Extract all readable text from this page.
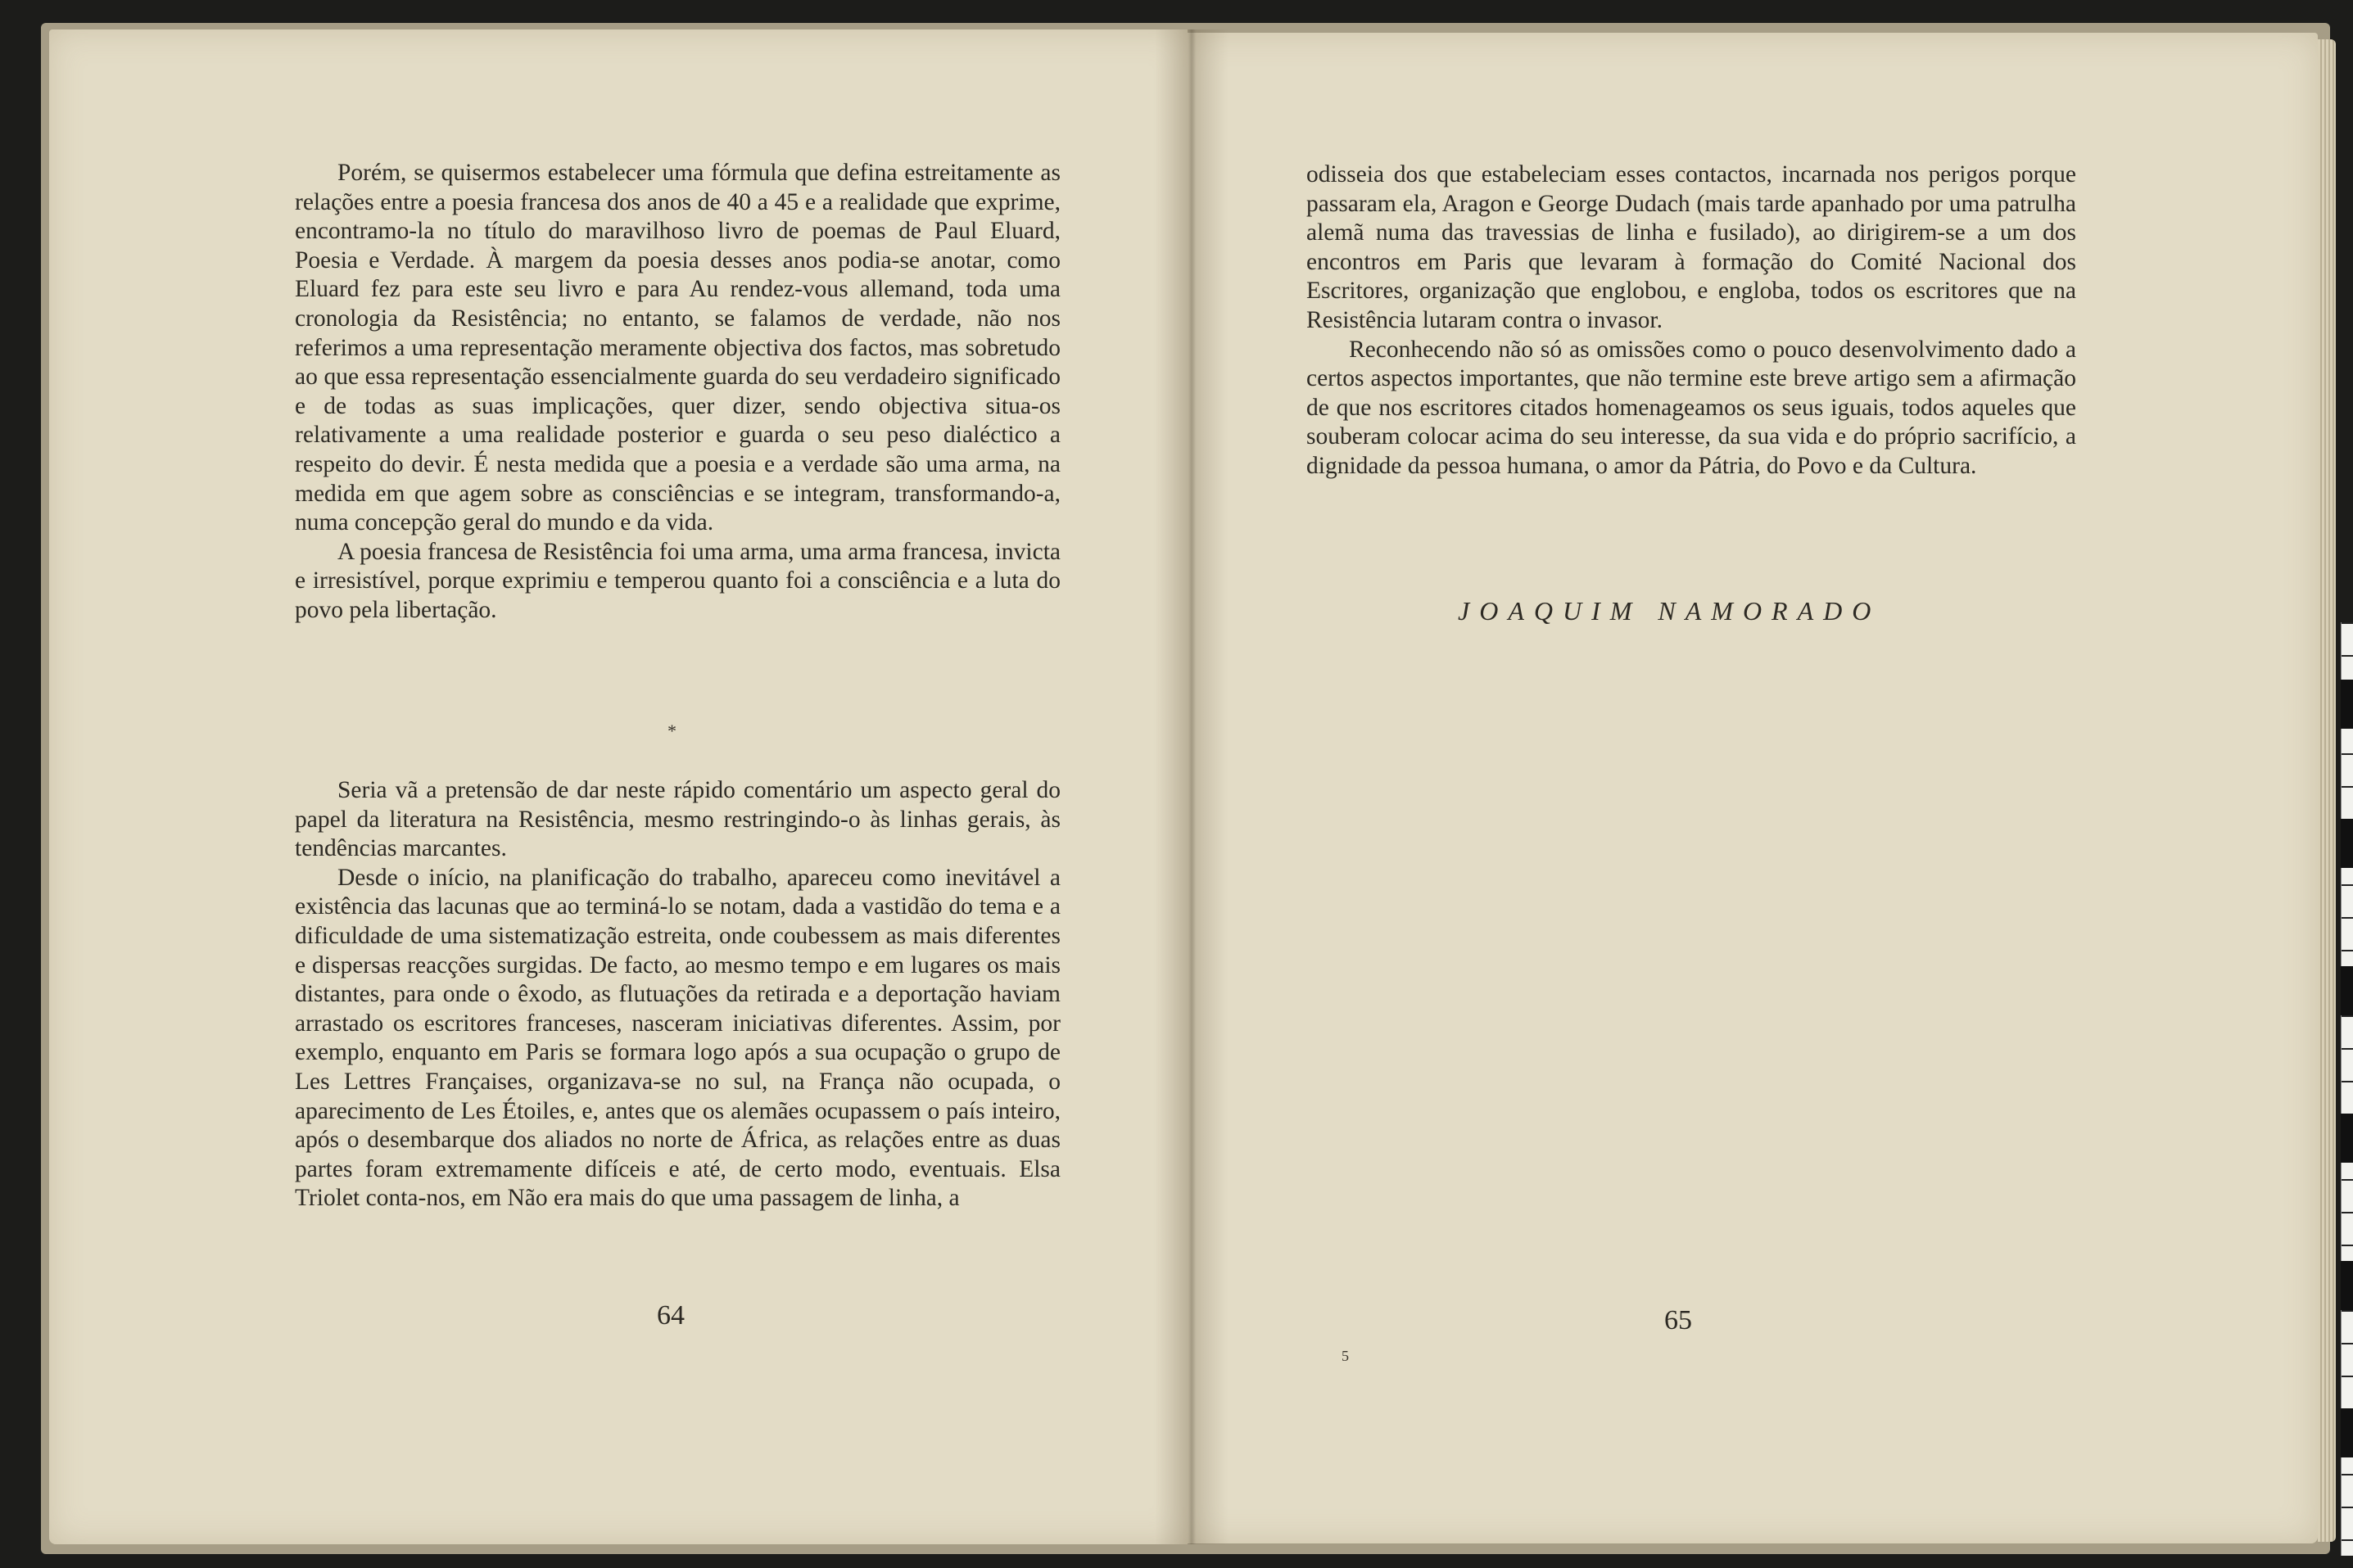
Porém, se quisermos estabelecer uma fórmula que defina estreitamente as relações entre a poesia francesa dos anos de 40 a 45 e a realidade que exprime, encontramo-la no título do maravilhoso livro de poemas de Paul Eluard, Poesia e Verdade. À margem da poesia desses anos podia-se anotar, como Eluard fez para este seu livro e para Au rendez-vous allemand, toda uma cronologia da Resistência; no entanto, se falamos de verdade, não nos referimos a uma representação meramente objectiva dos factos, mas sobretudo ao que essa representação essencialmente guarda do seu verdadeiro significado e de todas as suas implicações, quer dizer, sendo objectiva situa-os relativamente a uma realidade posterior e guarda o seu peso dialéctico a respeito do devir. É nesta medida que a poesia e a verdade são uma arma, na medida em que agem sobre as consciências e se integram, transformando-a, numa concepção geral do mundo e da vida.

A poesia francesa de Resistência foi uma arma, uma arma francesa, invicta e irresistível, porque exprimiu e temperou quanto foi a consciência e a luta do povo pela libertação.

*

Seria vã a pretensão de dar neste rápido comentário um aspecto geral do papel da literatura na Resistência, mesmo restringindo-o às linhas gerais, às tendências marcantes.

Desde o início, na planificação do trabalho, apareceu como inevitável a existência das lacunas que ao terminá-lo se notam, dada a vastidão do tema e a dificuldade de uma sistematização estreita, onde coubessem as mais diferentes e dispersas reacções surgidas. De facto, ao mesmo tempo e em lugares os mais distantes, para onde o êxodo, as flutuações da retirada e a deportação haviam arrastado os escritores franceses, nasceram iniciativas diferentes. Assim, por exemplo, enquanto em Paris se formara logo após a sua ocupação o grupo de Les Lettres Françaises, organizava-se no sul, na França não ocupada, o aparecimento de Les Étoiles, e, antes que os alemães ocupassem o país inteiro, após o desembarque dos aliados no norte de África, as relações entre as duas partes foram extremamente difíceis e até, de certo modo, eventuais. Elsa Triolet conta-nos, em Não era mais do que uma passagem de linha, a

64

odisseia dos que estabeleciam esses contactos, incarnada nos perigos porque passaram ela, Aragon e George Dudach (mais tarde apanhado por uma patrulha alemã numa das travessias de linha e fusilado), ao dirigirem-se a um dos encontros em Paris que levaram à formação do Comité Nacional dos Escritores, organização que englobou, e engloba, todos os escritores que na Resistência lutaram contra o invasor.

Reconhecendo não só as omissões como o pouco desenvolvimento dado a certos aspectos importantes, que não termine este breve artigo sem a afirmação de que nos escritores citados homenageamos os seus iguais, todos aqueles que souberam colocar acima do seu interesse, da sua vida e do próprio sacrifício, a dignidade da pessoa humana, o amor da Pátria, do Povo e da Cultura.

JOAQUIM NAMORADO
65
5
